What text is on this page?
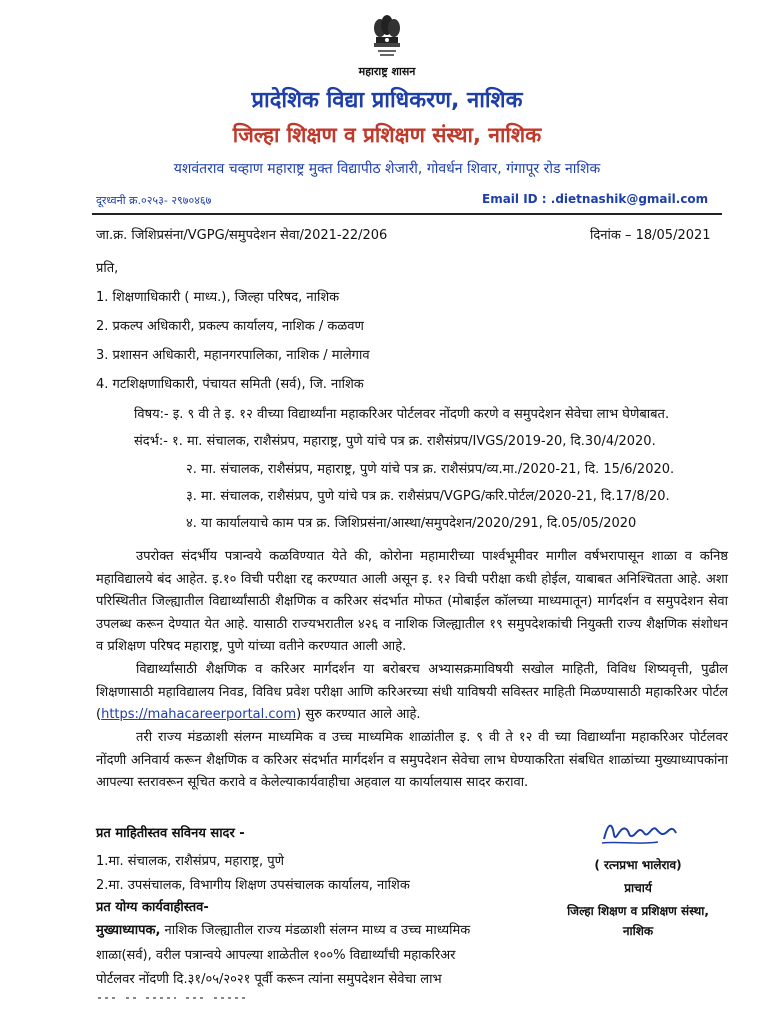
महाराष्ट्र शासन
प्रादेशिक विद्या प्राधिकरण, नाशिक
जिल्हा शिक्षण व प्रशिक्षण संस्था, नाशिक
यशवंतराव चव्हाण महाराष्ट्र मुक्त विद्यापीठ शेजारी, गोवर्धन शिवार, गंगापूर रोड नाशिक
दूरध्वनी क्र.०२५३- २९७०४६७	Email ID : .dietnashik@gmail.com
जा.क्र. जिशिप्रसंना/VGPG/समुपदेशन सेवा/2021-22/206	दिनांक – 18/05/2021
प्रति,
1. शिक्षणाधिकारी ( माध्य.), जिल्हा परिषद, नाशिक
2. प्रकल्प अधिकारी, प्रकल्प कार्यालय, नाशिक / कळवण
3. प्रशासन अधिकारी, महानगरपालिका, नाशिक / मालेगाव
4. गटशिक्षणाधिकारी, पंचायत समिती (सर्व), जि. नाशिक
विषय:- इ. ९ वी ते इ. १२ वीच्या विद्यार्थ्यांना महाकरिअर पोर्टलवर नोंदणी करणे व समुपदेशन सेवेचा लाभ घेणेबाबत.
संदर्भ:- १. मा. संचालक, राशैसंप्रप, महाराष्ट्र, पुणे यांचे पत्र क्र. राशैसंप्रप/IVGS/2019-20, दि.30/4/2020.
२. मा. संचालक, राशैसंप्रप, महाराष्ट्र, पुणे यांचे पत्र क्र. राशैसंप्रप/व्य.मा./2020-21, दि. 15/6/2020.
३. मा. संचालक, राशैसंप्रप, पुणे यांचे पत्र क्र. राशैसंप्रप/VGPG/करि.पोर्टल/2020-21, दि.17/8/20.
४. या कार्यालयाचे काम पत्र क्र. जिशिप्रसंना/आस्था/समुपदेशन/2020/291, दि.05/05/2020
उपरोक्त संदर्भीय पत्रान्वये कळविण्यात येते की, कोरोना महामारीच्या पार्श्वभूमीवर मागील वर्षभरापासून शाळा व कनिष्ठ महाविद्यालये बंद आहेत. इ.१० विची परीक्षा रद्द करण्यात आली असून इ. १२ विची परीक्षा कधी होईल, याबाबत अनिश्चितता आहे. अशा परिस्थितीत जिल्ह्यातील विद्यार्थ्यांसाठी शैक्षणिक व करिअर संदर्भात मोफत (मोबाईल कॉलच्या माध्यमातून) मार्गदर्शन व समुपदेशन सेवा उपलब्ध करून देण्यात येत आहे. यासाठी राज्यभरातील ४२६ व नाशिक जिल्ह्यातील १९ समुपदेशकांची नियुक्ती राज्य शैक्षणिक संशोधन व प्रशिक्षण परिषद महाराष्ट्र, पुणे यांच्या वतीने करण्यात आली आहे.
विद्यार्थ्यांसाठी शैक्षणिक व करिअर मार्गदर्शन या बरोबरच अभ्यासक्रमाविषयी सखोल माहिती, विविध शिष्यवृत्ती, पुढील शिक्षणासाठी महाविद्यालय निवड, विविध प्रवेश परीक्षा आणि करिअरच्या संधी याविषयी सविस्तर माहिती मिळण्यासाठी महाकरिअर पोर्टल (https://mahacareerportal.com) सुरु करण्यात आले आहे.
तरी राज्य मंडळाशी संलग्न माध्यमिक व उच्च माध्यमिक शाळांतील इ. ९ वी ते १२ वी च्या विद्यार्थ्यांना महाकरिअर पोर्टलवर नोंदणी अनिवार्य करून शैक्षणिक व करिअर संदर्भात मार्गदर्शन व समुपदेशन सेवेचा लाभ घेण्याकरिता संबधित शाळांच्या मुख्याध्यापकांना आपल्या स्तरावरून सूचित करावे व केलेल्याकार्यवाहीचा अहवाल या कार्यालयास सादर करावा.
प्रत माहितीस्तव सविनय सादर -
1.मा. संचालक, राशैसंप्रप, महाराष्ट्र, पुणे
2.मा. उपसंचालक, विभागीय शिक्षण उपसंचालक कार्यालय, नाशिक
प्रत योग्य कार्यवाहीस्तव-
मुख्याध्यापक, नाशिक जिल्ह्यातील राज्य मंडळाशी संलग्न माध्य व उच्च माध्यमिक
शाळा(सर्व), वरील पत्रान्वये आपल्या शाळेतील १००% विद्यार्थ्यांची महाकरिअर
पोर्टलवर नोंदणी दि.३१/०५/२०२१ पूर्वी करून त्यांना समुपदेशन सेवेचा लाभ
( रत्नप्रभा भालेराव)
प्राचार्य
जिल्हा शिक्षण व प्रशिक्षण संस्था,
नाशिक
